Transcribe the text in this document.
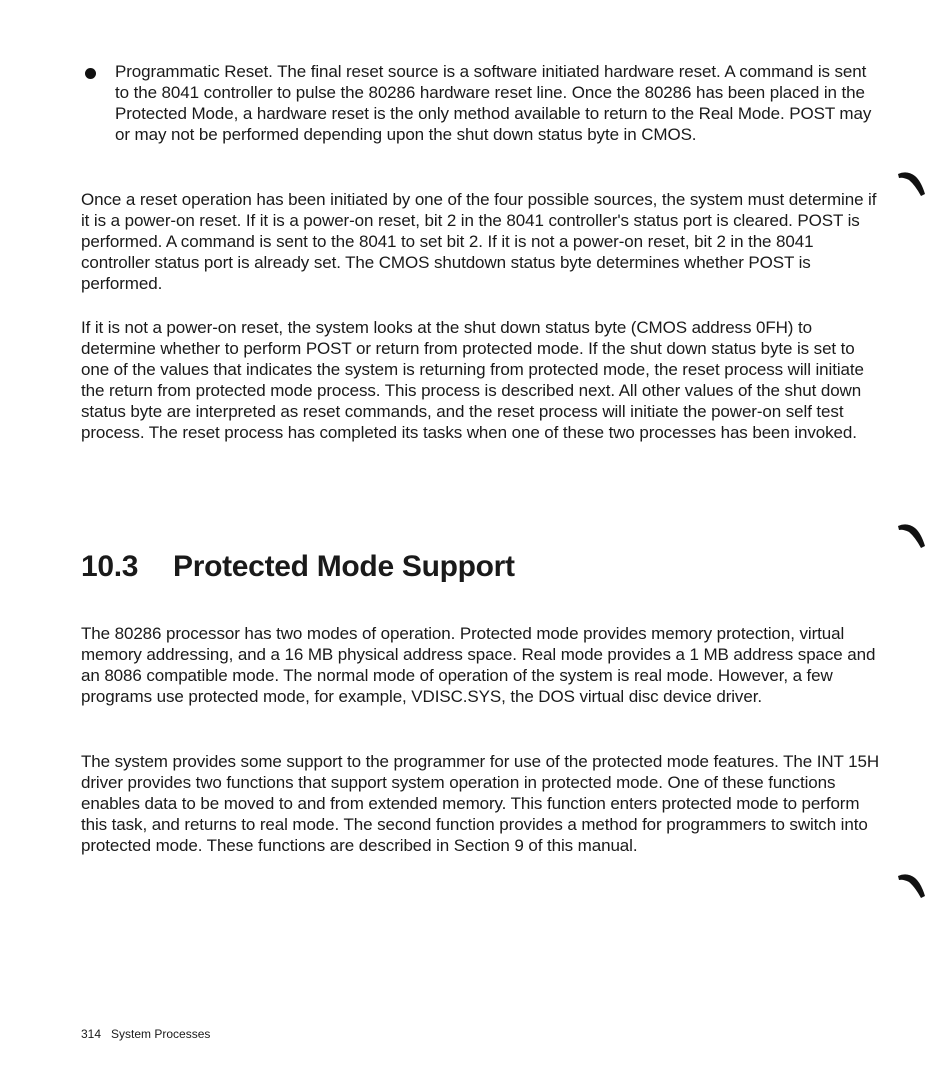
Programmatic Reset. The final reset source is a software initiated hardware reset. A command is sent to the 8041 controller to pulse the 80286 hardware reset line. Once the 80286 has been placed in the Protected Mode, a hardware reset is the only method available to return to the Real Mode. POST may or may not be performed depending upon the shut down status byte in CMOS.

Once a reset operation has been initiated by one of the four possible sources, the system must determine if it is a power-on reset. If it is a power-on reset, bit 2 in the 8041 controller's status port is cleared. POST is performed. A command is sent to the 8041 to set bit 2. If it is not a power-on reset, bit 2 in the 8041 controller status port is already set. The CMOS shutdown status byte determines whether POST is performed.

If it is not a power-on reset, the system looks at the shut down status byte (CMOS address 0FH) to determine whether to perform POST or return from protected mode. If the shut down status byte is set to one of the values that indicates the system is returning from protected mode, the reset process will initiate the return from protected mode process. This process is described next. All other values of the shut down status byte are interpreted as reset commands, and the reset process will initiate the power-on self test process. The reset process has completed its tasks when one of these two processes has been invoked.

10.3 Protected Mode Support

The 80286 processor has two modes of operation. Protected mode provides memory protection, virtual memory addressing, and a 16 MB physical address space. Real mode provides a 1 MB address space and an 8086 compatible mode. The normal mode of operation of the system is real mode. However, a few programs use protected mode, for example, VDISC.SYS, the DOS virtual disc device driver.

The system provides some support to the programmer for use of the protected mode features. The INT 15H driver provides two functions that support system operation in protected mode. One of these functions enables data to be moved to and from extended memory. This function enters protected mode to perform this task, and returns to real mode. The second function provides a method for programmers to switch into protected mode. These functions are described in Section 9 of this manual.

314 System Processes
